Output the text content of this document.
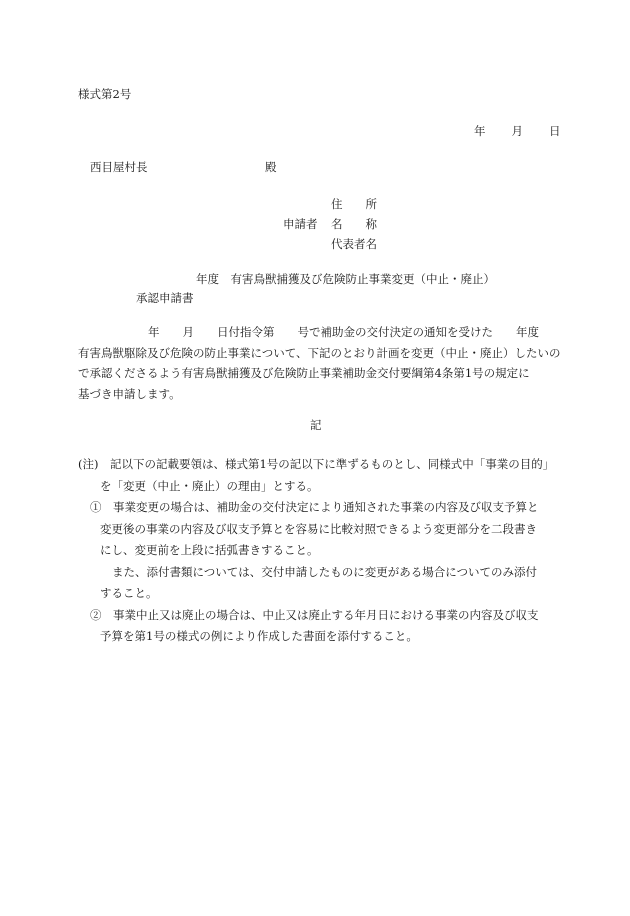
様式第2号
年 月 日
西目屋村長	殿
申請者
住　　所
名　　称
代表者名
年度　有害鳥獣捕獲及び危険防止事業変更（中止・廃止）
承認申請書
年　　月　　日付指令第　　号で補助金の交付決定の通知を受けた　　年度
有害鳥獣駆除及び危険の防止事業について、下記のとおり計画を変更（中止・廃止）したいの
で承認くださるよう有害鳥獣捕獲及び危険防止事業補助金交付要綱第4条第1号の規定に
基づき申請します。
記
(注)　記以下の記載要領は、様式第1号の記以下に準ずるものとし、同様式中「事業の目的」
を「変更（中止・廃止）の理由」とする。
①　事業変更の場合は、補助金の交付決定により通知された事業の内容及び収支予算と
変更後の事業の内容及び収支予算とを容易に比較対照できるよう変更部分を二段書き
にし、変更前を上段に括弧書きすること。
また、添付書類については、交付申請したものに変更がある場合についてのみ添付
すること。
②　事業中止又は廃止の場合は、中止又は廃止する年月日における事業の内容及び収支
予算を第1号の様式の例により作成した書面を添付すること。
